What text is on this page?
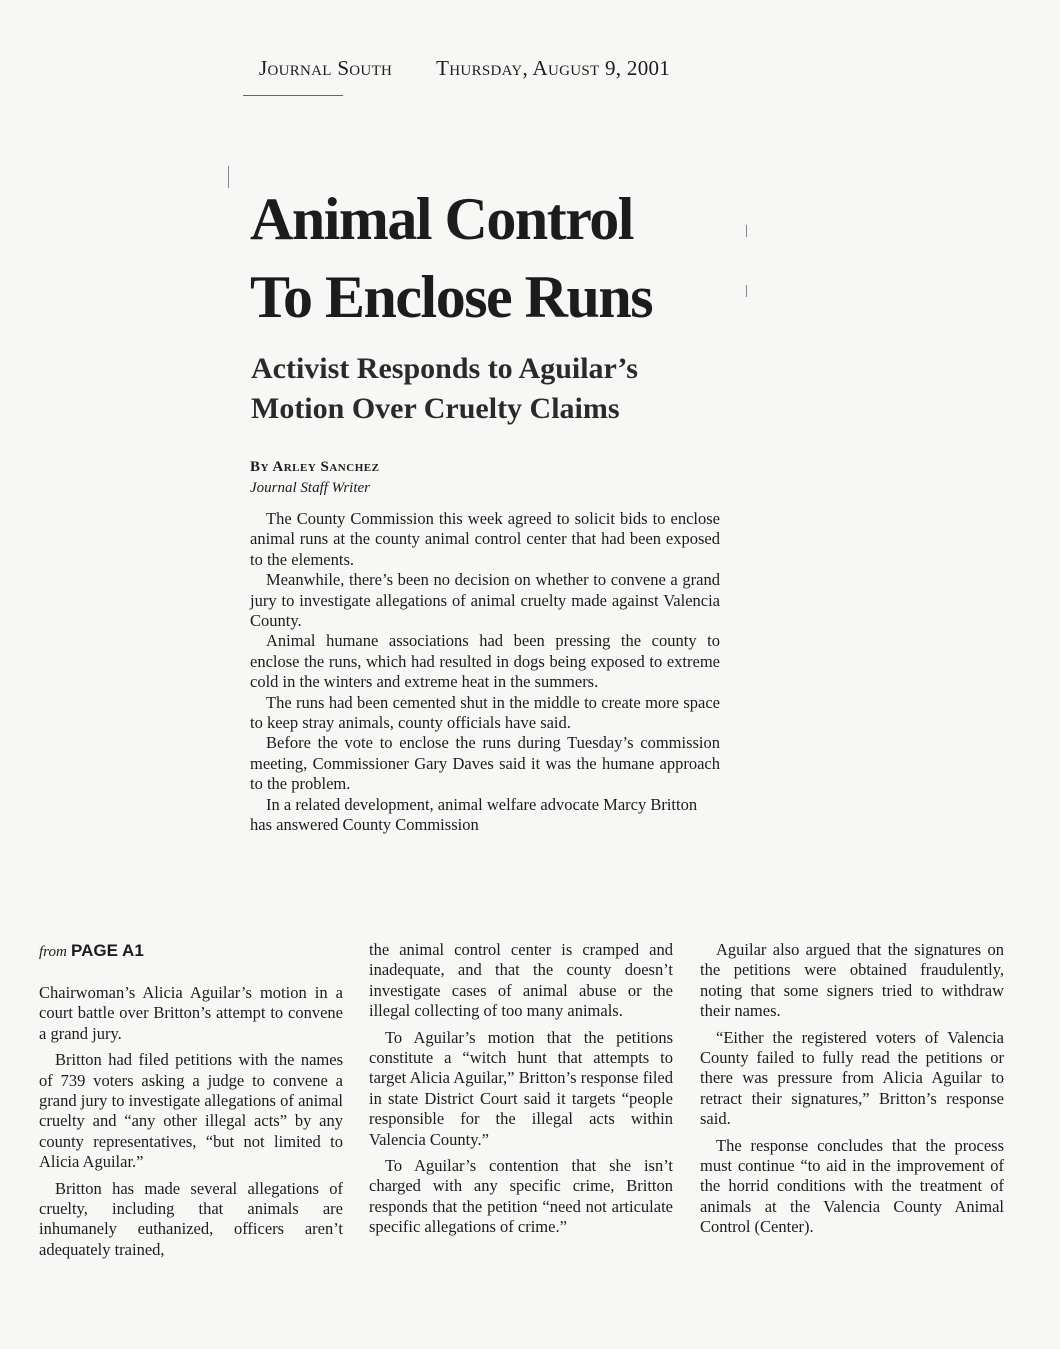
Journal South Thursday, August 9, 2001
Animal Control
To Enclose Runs
Activist Responds to Aguilar’s
Motion Over Cruelty Claims
By Arley Sanchez
Journal Staff Writer

The County Commission this week agreed to solicit bids to enclose animal runs at the county animal control center that had been exposed to the elements.

Meanwhile, there’s been no decision on whether to convene a grand jury to investigate allegations of animal cruelty made against Valencia County.

Animal humane associations had been pressing the county to enclose the runs, which had resulted in dogs being exposed to extreme cold in the winters and extreme heat in the summers.

The runs had been cemented shut in the middle to create more space to keep stray animals, county officials have said.

Before the vote to enclose the runs during Tuesday’s commission meeting, Commissioner Gary Daves said it was the humane approach to the problem.

In a related development, animal welfare advocate Marcy Britton has answered County Commission

from PAGE A1

Chairwoman’s Alicia Aguilar’s motion in a court battle over Britton’s attempt to convene a grand jury.

Britton had filed petitions with the names of 739 voters asking a judge to convene a grand jury to investigate allegations of animal cruelty and “any other illegal acts” by any county representatives, “but not limited to Alicia Aguilar.”

Britton has made several allegations of cruelty, including that animals are inhumanely euthanized, officers aren’t adequately trained,

the animal control center is cramped and inadequate, and that the county doesn’t investigate cases of animal abuse or the illegal collecting of too many animals.

To Aguilar’s motion that the petitions constitute a “witch hunt that attempts to target Alicia Aguilar,” Britton’s response filed in state District Court said it targets “people responsible for the illegal acts within Valencia County.”

To Aguilar’s contention that she isn’t charged with any specific crime, Britton responds that the petition “need not articulate specific allegations of crime.”

Aguilar also argued that the signatures on the petitions were obtained fraudulently, noting that some signers tried to withdraw their names.

“Either the registered voters of Valencia County failed to fully read the petitions or there was pressure from Alicia Aguilar to retract their signatures,” Britton’s response said.

The response concludes that the process must continue “to aid in the improvement of the horrid conditions with the treatment of animals at the Valencia County Animal Control (Center).
